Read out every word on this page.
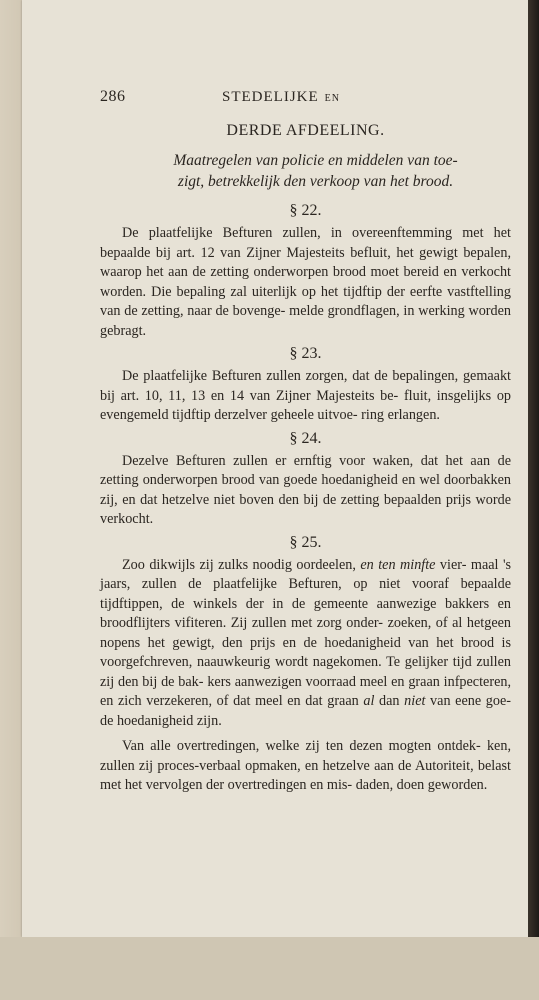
286	STEDELIJKE EN
DERDE AFDEELING.
Maatregelen van policie en middelen van toe-
zigt, betrekkelijk den verkoop van het brood.
§ 22.

De plaatfelijke Befturen zullen, in overeenftemming met het bepaalde bij art. 12 van Zijner Majesteits befluit, het gewigt bepalen, waarop het aan de zetting onderworpen brood moet bereid en verkocht worden. Die bepaling zal uiterlijk op het tijdftip der eerfte vastftelling van de zetting, naar de bovenge- melde grondflagen, in werking worden gebragt.

§ 23.

De plaatfelijke Befturen zullen zorgen, dat de bepalingen, gemaakt bij art. 10, 11, 13 en 14 van Zijner Majesteits be- fluit, insgelijks op evengemeld tijdftip derzelver geheele uitvoe- ring erlangen.

§ 24.

Dezelve Befturen zullen er ernftig voor waken, dat het aan de zetting onderworpen brood van goede hoedanigheid en wel doorbakken zij, en dat hetzelve niet boven den bij de zetting bepaalden prijs worde verkocht.

§ 25.

Zoo dikwijls zij zulks noodig oordeelen, en ten minfte vier- maal 's jaars, zullen de plaatfelijke Befturen, op niet vooraf bepaalde tijdftippen, de winkels der in de gemeente aanwezige bakkers en broodflijters vifiteren. Zij zullen met zorg onder- zoeken, of al hetgeen nopens het gewigt, den prijs en de hoedanigheid van het brood is voorgefchreven, naauwkeurig wordt nagekomen. Te gelijker tijd zullen zij den bij de bak- kers aanwezigen voorraad meel en graan infpecteren, en zich verzekeren, of dat meel en dat graan al dan niet van eene goe- de hoedanigheid zijn.

Van alle overtredingen, welke zij ten dezen mogten ontdek- ken, zullen zij proces-verbaal opmaken, en hetzelve aan de Autoriteit, belast met het vervolgen der overtredingen en mis- daden, doen geworden.
